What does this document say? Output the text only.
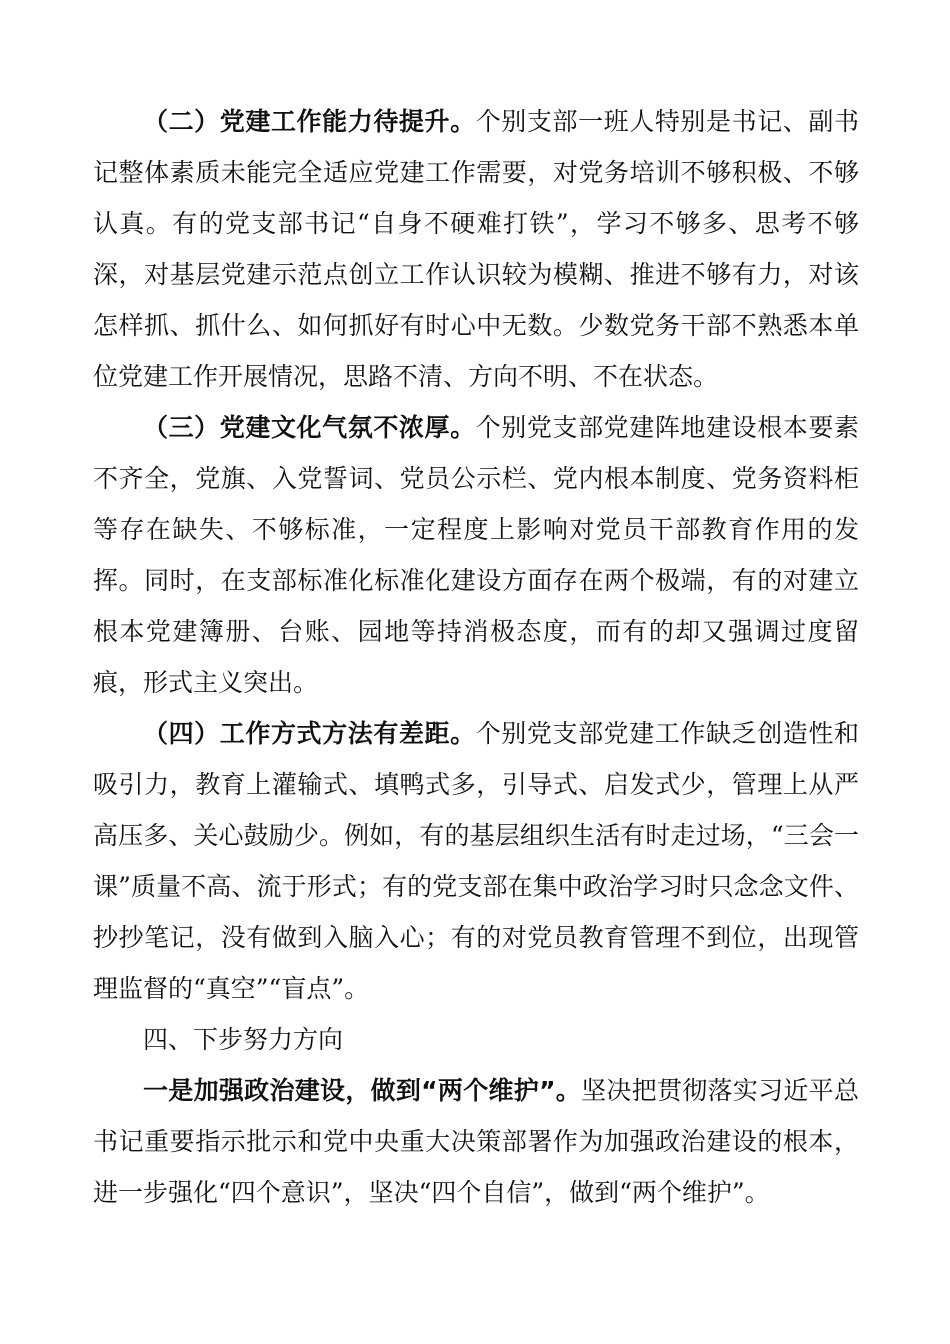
（二）党建工作能力待提升。个别支部一班人特别是书记、副书记整体素质未能完全适应党建工作需要，对党务培训不够积极、不够认真。有的党支部书记“自身不硬难打铁”，学习不够多、思考不够深，对基层党建示范点创立工作认识较为模糊、推进不够有力，对该怎样抓、抓什么、如何抓好有时心中无数。少数党务干部不熟悉本单位党建工作开展情况，思路不清、方向不明、不在状态。

（三）党建文化气氛不浓厚。个别党支部党建阵地建设根本要素不齐全，党旗、入党誓词、党员公示栏、党内根本制度、党务资料柜等存在缺失、不够标准，一定程度上影响对党员干部教育作用的发挥。同时，在支部标准化标准化建设方面存在两个极端，有的对建立根本党建簿册、台账、园地等持消极态度，而有的却又强调过度留痕，形式主义突出。

（四）工作方式方法有差距。个别党支部党建工作缺乏创造性和吸引力，教育上灌输式、填鸭式多，引导式、启发式少，管理上从严高压多、关心鼓励少。例如，有的基层组织生活有时走过场，“三会一课”质量不高、流于形式；有的党支部在集中政治学习时只念念文件、抄抄笔记，没有做到入脑入心；有的对党员教育管理不到位，出现管理监督的“真空”“盲点”。

四、下步努力方向

一是加强政治建设，做到“两个维护”。坚决把贯彻落实习近平总书记重要指示批示和党中央重大决策部署作为加强政治建设的根本，进一步强化“四个意识”，坚决“四个自信”，做到“两个维护”。
